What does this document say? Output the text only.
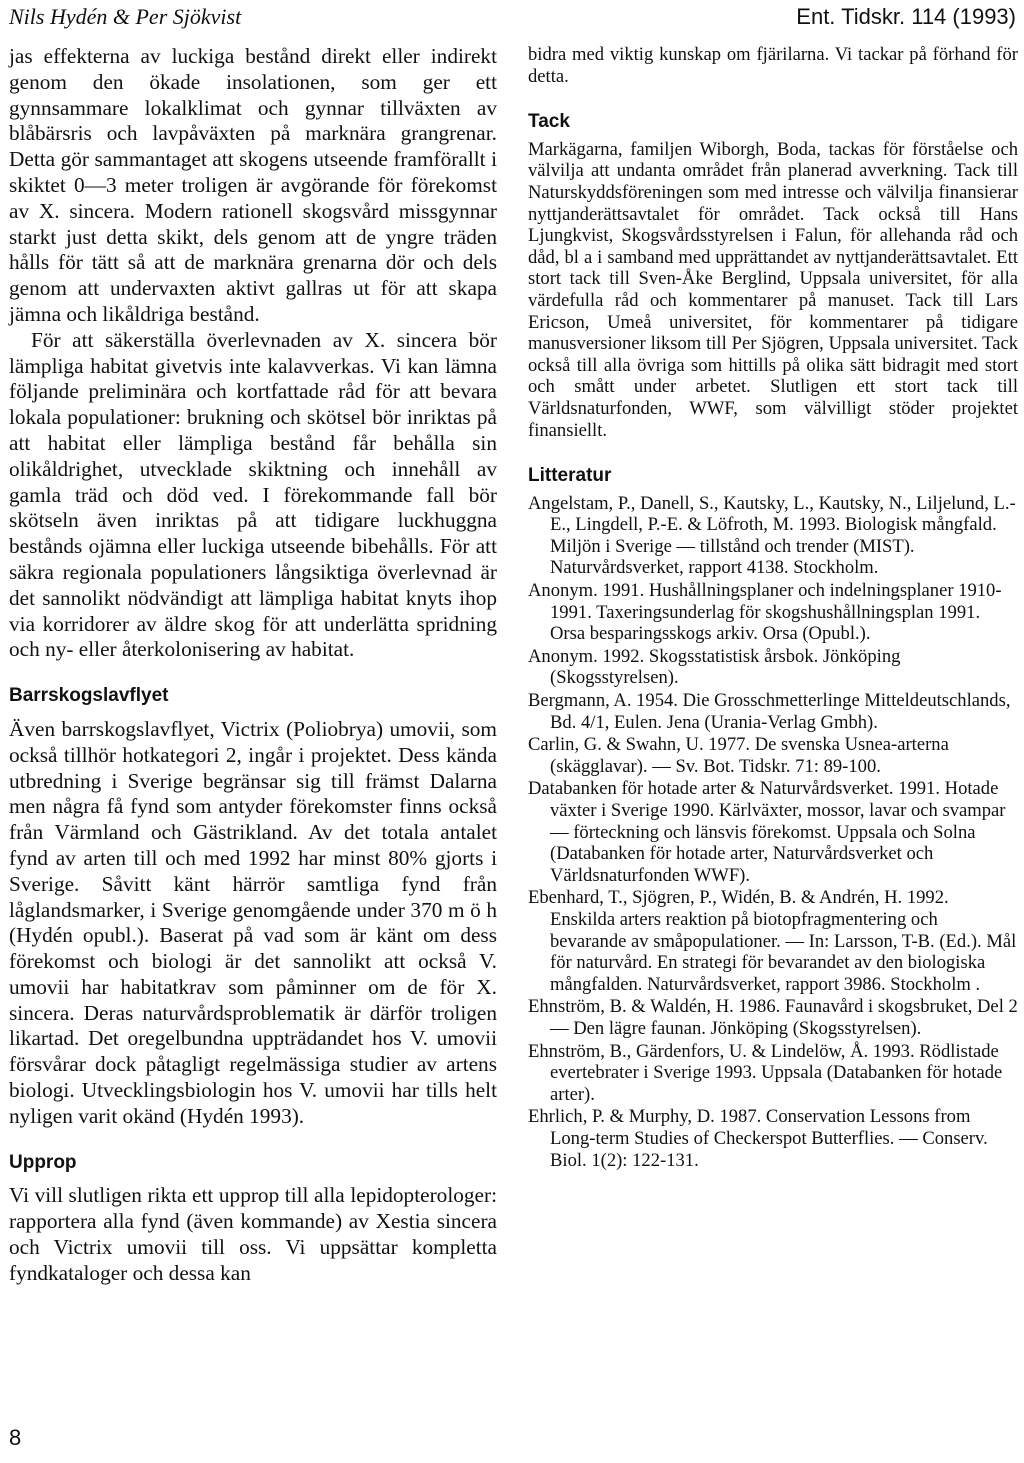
Nils Hydén & Per Sjökvist	Ent. Tidskr. 114 (1993)

jas effekterna av luckiga bestånd direkt eller indirekt genom den ökade insolationen, som ger ett gynnsammare lokalklimat och gynnar tillväxten av blåbärsris och lavpåväxten på marknära grangrenar. Detta gör sammantaget att skogens utseende framförallt i skiktet 0—3 meter troligen är avgörande för förekomst av X. sincera. Modern rationell skogsvård missgynnar starkt just detta skikt, dels genom att de yngre träden hålls för tätt så att de marknära grenarna dör och dels genom att undervaxten aktivt gallras ut för att skapa jämna och likåldriga bestånd.

För att säkerställa överlevnaden av X. sincera bör lämpliga habitat givetvis inte kalavverkas. Vi kan lämna följande preliminära och kortfattade råd för att bevara lokala populationer: brukning och skötsel bör inriktas på att habitat eller lämpliga bestånd får behålla sin olikåldrighet, utvecklade skiktning och innehåll av gamla träd och död ved. I förekommande fall bör skötseln även inriktas på att tidigare luckhuggna bestånds ojämna eller luckiga utseende bibehålls. För att säkra regionala populationers långsiktiga överlevnad är det sannolikt nödvändigt att lämpliga habitat knyts ihop via korridorer av äldre skog för att underlätta spridning och ny- eller återkolonisering av habitat.

Barrskogslavflyet

Även barrskogslavflyet, Victrix (Poliobrya) umovii, som också tillhör hotkategori 2, ingår i projektet. Dess kända utbredning i Sverige begränsar sig till främst Dalarna men några få fynd som antyder förekomster finns också från Värmland och Gästrikland. Av det totala antalet fynd av arten till och med 1992 har minst 80% gjorts i Sverige. Såvitt känt härrör samtliga fynd från låglandsmarker, i Sverige genomgående under 370 m ö h (Hydén opubl.). Baserat på vad som är känt om dess förekomst och biologi är det sannolikt att också V. umovii har habitatkrav som påminner om de för X. sincera. Deras naturvårdsproblematik är därför troligen likartad. Det oregelbundna uppträdandet hos V. umovii försvårar dock påtagligt regelmässiga studier av artens biologi. Utvecklingsbiologin hos V. umovii har tills helt nyligen varit okänd (Hydén 1993).

Upprop

Vi vill slutligen rikta ett upprop till alla lepidopterologer: rapportera alla fynd (även kommande) av Xestia sincera och Victrix umovii till oss. Vi uppsättar kompletta fyndkataloger och dessa kan

bidra med viktig kunskap om fjärilarna. Vi tackar på förhand för detta.

Tack

Markägarna, familjen Wiborgh, Boda, tackas för förståelse och välvilja att undanta området från planerad avverkning. Tack till Naturskyddsföreningen som med intresse och välvilja finansierar nyttjanderättsavtalet för området. Tack också till Hans Ljungkvist, Skogsvårdsstyrelsen i Falun, för allehanda råd och dåd, bl a i samband med upprättandet av nyttjanderättsavtalet. Ett stort tack till Sven-Åke Berglind, Uppsala universitet, för alla värdefulla råd och kommentarer på manuset. Tack till Lars Ericson, Umeå universitet, för kommentarer på tidigare manusversioner liksom till Per Sjögren, Uppsala universitet. Tack också till alla övriga som hittills på olika sätt bidragit med stort och smått under arbetet. Slutligen ett stort tack till Världsnaturfonden, WWF, som välvilligt stöder projektet finansiellt.

Litteratur

Angelstam, P., Danell, S., Kautsky, L., Kautsky, N., Liljelund, L.-E., Lingdell, P.-E. & Löfroth, M. 1993. Biologisk mångfald. Miljön i Sverige — tillstånd och trender (MIST). Naturvårdsverket, rapport 4138. Stockholm.

Anonym. 1991. Hushållningsplaner och indelningsplaner 1910-1991. Taxeringsunderlag för skogshushållningsplan 1991. Orsa besparingsskogs arkiv. Orsa (Opubl.).

Anonym. 1992. Skogsstatistisk årsbok. Jönköping (Skogsstyrelsen).

Bergmann, A. 1954. Die Grosschmetterlinge Mitteldeutschlands, Bd. 4/1, Eulen. Jena (Urania-Verlag Gmbh).

Carlin, G. & Swahn, U. 1977. De svenska Usnea-arterna (skägglavar). — Sv. Bot. Tidskr. 71: 89-100.

Databanken för hotade arter & Naturvårdsverket. 1991. Hotade växter i Sverige 1990. Kärlväxter, mossor, lavar och svampar — förteckning och länsvis förekomst. Uppsala och Solna (Databanken för hotade arter, Naturvårdsverket och Världsnaturfonden WWF).

Ebenhard, T., Sjögren, P., Widén, B. & Andrén, H. 1992. Enskilda arters reaktion på biotopfragmentering och bevarande av småpopulationer. — In: Larsson, T-B. (Ed.). Mål för naturvård. En strategi för bevarandet av den biologiska mångfalden. Naturvårdsverket, rapport 3986. Stockholm .

Ehnström, B. & Waldén, H. 1986. Faunavård i skogsbruket, Del 2 — Den lägre faunan. Jönköping (Skogsstyrelsen).

Ehnström, B., Gärdenfors, U. & Lindelöw, Å. 1993. Rödlistade evertebrater i Sverige 1993. Uppsala (Databanken för hotade arter).

Ehrlich, P. & Murphy, D. 1987. Conservation Lessons from Long-term Studies of Checkerspot Butterflies. — Conserv. Biol. 1(2): 122-131.

8
